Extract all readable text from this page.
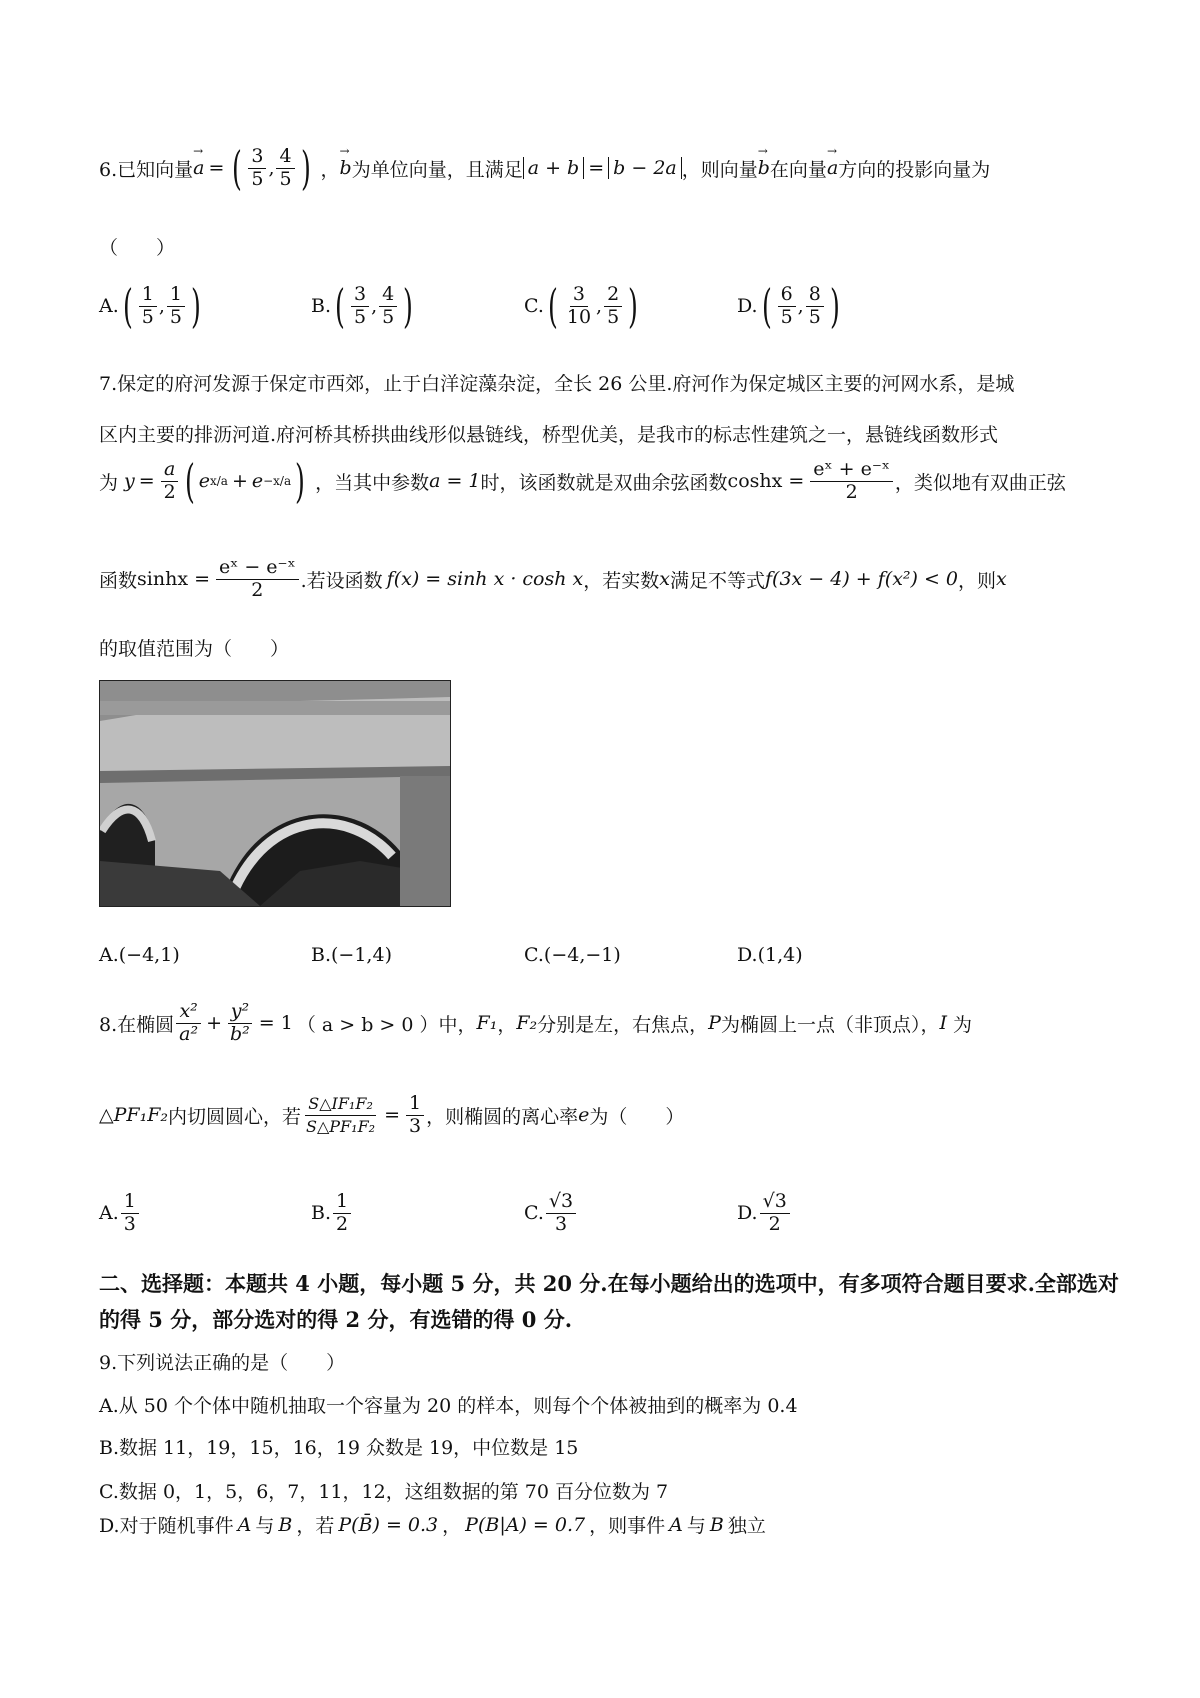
6.已知向量 → a = ( $\frac{3}{5}$ , $\frac{4}{5}$ ) ， → b 为单位向量，且满足 a + b = b − 2a ，则向量 → b 在向量 → a 方向的投影向量为
（　　）
A. ( $\frac{1}{5}$ , $\frac{1}{5}$ )	B. ( $\frac{3}{5}$ , $\frac{4}{5}$ )	C. ( $\frac{3}{10}$ , $\frac{2}{5}$ )	D. ( $\frac{6}{5}$ , $\frac{8}{5}$ )
7.保定的府河发源于保定市西郊，止于白洋淀藻杂淀，全长 26 公里.府河作为保定城区主要的河网水系，是城
区内主要的排沥河道.府河桥其桥拱曲线形似悬链线，桥型优美，是我市的标志性建筑之一，悬链线函数形式
为 $y = \frac{a}{2}$ ( e x/a + e −x/a ) ，当其中参数 a = 1 时，该函数就是双曲余弦函数 $\cosh x = \frac{\text{eˣ + e⁻ˣ}}{2}$ ，类似地有双曲正弦
函数 $\sinh x = \frac{\text{eˣ − e⁻ˣ}}{2}$ .若设函数 f(x) = sinh x · cosh x ，若实数 x 满足不等式 f(3x − 4) + f(x²) < 0 ，则 x
的取值范围为（　　）
A.(−4,1)	B.(−1,4)	C.(−4,−1)	D.(1,4)
8.在椭圆 $\frac{\text{x²}}{\text{a²}} + \frac{\text{y²}}{\text{b²}} = 1$ （ a > b > 0 ）中， F₁ ， F₂ 分别是左，右焦点， P 为椭圆上一点（非顶点）， I 为
△PF₁F₂ 内切圆圆心，若 $\frac{\text{S△IF₁F₂}}{\text{S△PF₁F₂}} = \frac{1}{3}$ ，则椭圆的离心率 e 为（　　）
A. $\frac{1}{3}$	B. $\frac{1}{2}$	C. $\frac{√3}{3}$	D. $\frac{√3}{2}$
二、选择题：本题共 4 小题，每小题 5 分，共 20 分.在每小题给出的选项中，有多项符合题目要求.全部选对的得 5 分，部分选对的得 2 分，有选错的得 0 分.
9.下列说法正确的是（　　）
A.从 50 个个体中随机抽取一个容量为 20 的样本，则每个个体被抽到的概率为 0.4
B.数据 11，19，15，16，19 众数是 19，中位数是 15
C.数据 0，1，5，6，7，11，12，这组数据的第 70 百分位数为 7
D.对于随机事件 A 与 B ，若 P(B̄) = 0.3 ， P(B|A) = 0.7 ，则事件 A 与 B 独立
